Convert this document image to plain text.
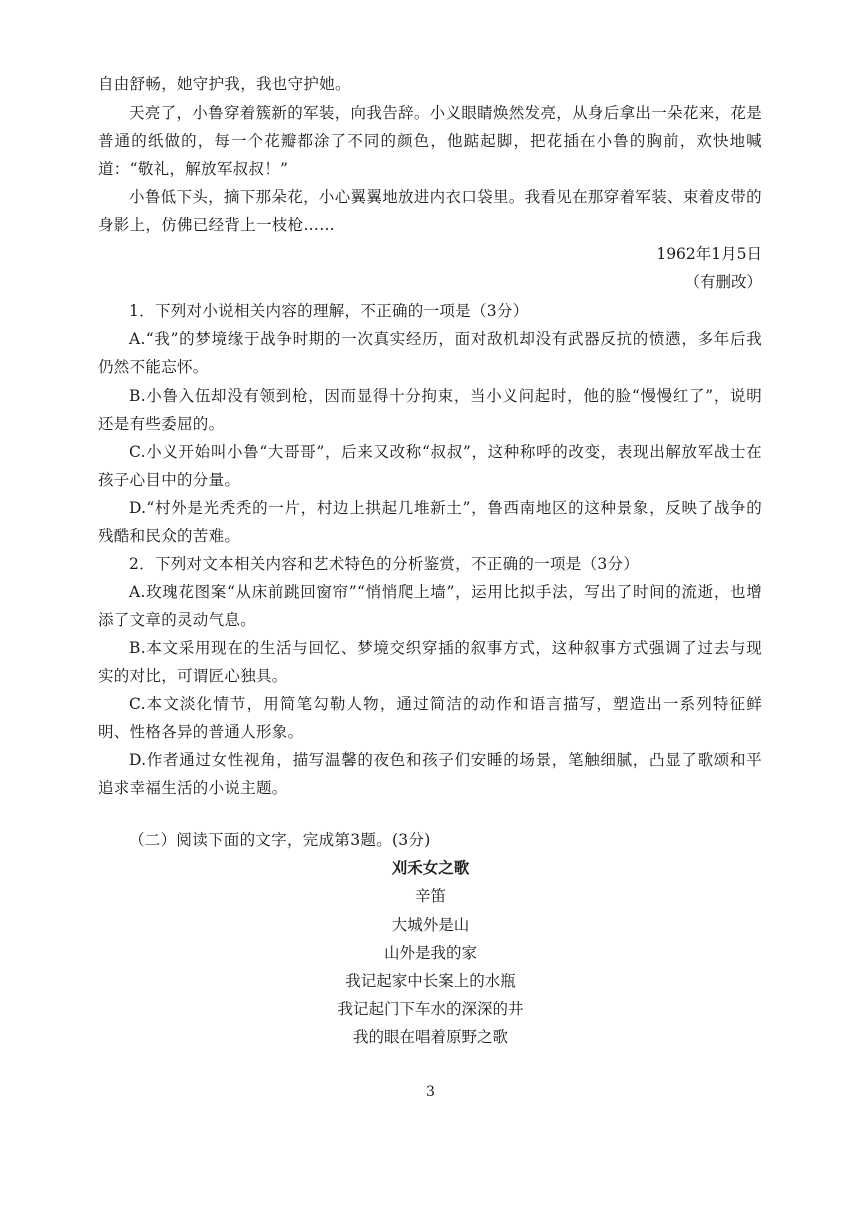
自由舒畅，她守护我，我也守护她。

天亮了，小鲁穿着簇新的军装，向我告辞。小义眼睛焕然发亮，从身后拿出一朵花来，花是普通的纸做的，每一个花瓣都涂了不同的颜色，他踮起脚，把花插在小鲁的胸前，欢快地喊道：“敬礼，解放军叔叔！”

小鲁低下头，摘下那朵花，小心翼翼地放进内衣口袋里。我看见在那穿着军装、束着皮带的身影上，仿佛已经背上一枝枪……

1962年1月5日
（有删改）

1．下列对小说相关内容的理解，不正确的一项是（3分）

A.“我”的梦境缘于战争时期的一次真实经历，面对敌机却没有武器反抗的愤懑，多年后我仍然不能忘怀。

B.小鲁入伍却没有领到枪，因而显得十分拘束，当小义问起时，他的脸“慢慢红了”，说明还是有些委屈的。

C.小义开始叫小鲁“大哥哥”，后来又改称“叔叔”，这种称呼的改变，表现出解放军战士在孩子心目中的分量。

D.“村外是光秃秃的一片，村边上拱起几堆新土”，鲁西南地区的这种景象，反映了战争的残酷和民众的苦难。

2．下列对文本相关内容和艺术特色的分析鉴赏，不正确的一项是（3分）

A.玫瑰花图案“从床前跳回窗帘”“悄悄爬上墙”，运用比拟手法，写出了时间的流逝，也增添了文章的灵动气息。

B.本文采用现在的生活与回忆、梦境交织穿插的叙事方式，这种叙事方式强调了过去与现实的对比，可谓匠心独具。

C.本文淡化情节，用简笔勾勒人物，通过简洁的动作和语言描写，塑造出一系列特征鲜明、性格各异的普通人形象。

D.作者通过女性视角，描写温馨的夜色和孩子们安睡的场景，笔触细腻，凸显了歌颂和平追求幸福生活的小说主题。

（二）阅读下面的文字，完成第3题。(3分)

刈禾女之歌
辛笛
大城外是山
山外是我的家
我记起家中长案上的水瓶
我记起门下车水的深深的井
我的眼在唱着原野之歌
3
